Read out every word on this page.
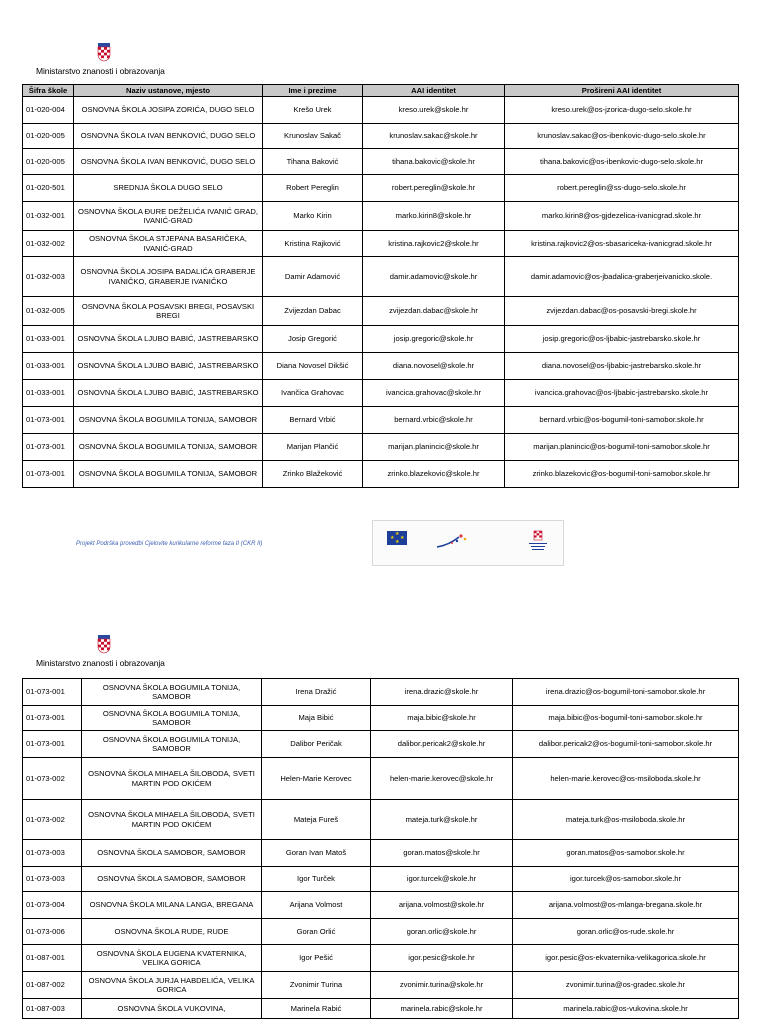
Ministarstvo znanosti i obrazovanja
Šifra škole	Naziv ustanove, mjesto	Ime i prezime	AAI identitet	Prošireni AAI identitet
01-020-004	OSNOVNA ŠKOLA JOSIPA ZORIĆA, DUGO SELO	Krešo Urek	kreso.urek@skole.hr	kreso.urek@os-jzorica-dugo-selo.skole.hr
01-020-005	OSNOVNA ŠKOLA IVAN BENKOVIĆ, DUGO SELO	Krunoslav Sakač	krunoslav.sakac@skole.hr	krunoslav.sakac@os-ibenkovic-dugo-selo.skole.hr
01-020-005	OSNOVNA ŠKOLA IVAN BENKOVIĆ, DUGO SELO	Tihana Baković	tihana.bakovic@skole.hr	tihana.bakovic@os-ibenkovic-dugo-selo.skole.hr
01-020-501	SREDNJA ŠKOLA DUGO SELO	Robert Pereglin	robert.pereglin@skole.hr	robert.pereglin@ss-dugo-selo.skole.hr
01-032-001	OSNOVNA ŠKOLA ĐURE DEŽELIĆA IVANIĆ GRAD, IVANIĆ-GRAD	Marko Kirin	marko.kirin8@skole.hr	marko.kirin8@os-gjdezelica-ivanicgrad.skole.hr
01-032-002	OSNOVNA ŠKOLA STJEPANA BASARIČEKA, IVANIĆ-GRAD	Kristina Rajković	kristina.rajkovic2@skole.hr	kristina.rajkovic2@os-sbasariceka-ivanicgrad.skole.hr
01-032-003	OSNOVNA ŠKOLA JOSIPA BADALIĆA GRABERJE IVANIČKO, GRABERJE IVANIČKO	Damir Adamović	damir.adamovic@skole.hr	damir.adamovic@os-jbadalica-graberjeivanicko.skole.
01-032-005	OSNOVNA ŠKOLA POSAVSKI BREGI, POSAVSKI BREGI	Zvijezdan Dabac	zvijezdan.dabac@skole.hr	zvijezdan.dabac@os-posavski-bregi.skole.hr
01-033-001	OSNOVNA ŠKOLA LJUBO BABIĆ, JASTREBARSKO	Josip Gregorić	josip.gregoric@skole.hr	josip.gregoric@os-ljbabic-jastrebarsko.skole.hr
01-033-001	OSNOVNA ŠKOLA LJUBO BABIĆ, JASTREBARSKO	Diana Novosel Dikšić	diana.novosel@skole.hr	diana.novosel@os-ljbabic-jastrebarsko.skole.hr
01-033-001	OSNOVNA ŠKOLA LJUBO BABIĆ, JASTREBARSKO	Ivančica Grahovac	ivancica.grahovac@skole.hr	ivancica.grahovac@os-ljbabic-jastrebarsko.skole.hr
01-073-001	OSNOVNA ŠKOLA BOGUMILA TONIJA, SAMOBOR	Bernard Vrbić	bernard.vrbic@skole.hr	bernard.vrbic@os-bogumil-toni-samobor.skole.hr
01-073-001	OSNOVNA ŠKOLA BOGUMILA TONIJA, SAMOBOR	Marijan Plančić	marijan.planincic@skole.hr	marijan.planincic@os-bogumil-toni-samobor.skole.hr
01-073-001	OSNOVNA ŠKOLA BOGUMILA TONIJA, SAMOBOR	Zrinko Blažeković	zrinko.blazekovic@skole.hr	zrinko.blazekovic@os-bogumil-toni-samobor.skole.hr
Projekt Podrška provedbi Cjelovite kurikularne reforme faza II (CKR II)
★
★ ★
★
Ministarstvo znanosti i obrazovanja
01-073-001	OSNOVNA ŠKOLA BOGUMILA TONIJA, SAMOBOR	Irena Dražić	irena.drazic@skole.hr	irena.drazic@os-bogumil-toni-samobor.skole.hr
01-073-001	OSNOVNA ŠKOLA BOGUMILA TONIJA, SAMOBOR	Maja Bibić	maja.bibic@skole.hr	maja.bibic@os-bogumil-toni-samobor.skole.hr
01-073-001	OSNOVNA ŠKOLA BOGUMILA TONIJA, SAMOBOR	Dalibor Peričak	dalibor.pericak2@skole.hr	dalibor.pericak2@os-bogumil-toni-samobor.skole.hr
01-073-002	OSNOVNA ŠKOLA MIHAELA ŠILOBODA, SVETI MARTIN POD OKIĆEM	Helen-Marie Kerovec	helen-marie.kerovec@skole.hr	helen-marie.kerovec@os-msiloboda.skole.hr
01-073-002	OSNOVNA ŠKOLA MIHAELA ŠILOBODA, SVETI MARTIN POD OKIĆEM	Mateja Fureš	mateja.turk@skole.hr	mateja.turk@os-msiloboda.skole.hr
01-073-003	OSNOVNA ŠKOLA SAMOBOR, SAMOBOR	Goran Ivan Matoš	goran.matos@skole.hr	goran.matos@os-samobor.skole.hr
01-073-003	OSNOVNA ŠKOLA SAMOBOR, SAMOBOR	Igor Turček	igor.turcek@skole.hr	igor.turcek@os-samobor.skole.hr
01-073-004	OSNOVNA ŠKOLA MILANA LANGA, BREGANA	Arijana Volmost	arijana.volmost@skole.hr	arijana.volmost@os-mlanga-bregana.skole.hr
01-073-006	OSNOVNA ŠKOLA RUDE, RUDE	Goran Orlić	goran.orlic@skole.hr	goran.orlic@os-rude.skole.hr
01-087-001	OSNOVNA ŠKOLA EUGENA KVATERNIKA, VELIKA GORICA	Igor Pešić	igor.pesic@skole.hr	igor.pesic@os-ekvaternika-velikagorica.skole.hr
01-087-002	OSNOVNA ŠKOLA JURJA HABDELIĆA, VELIKA GORICA	Zvonimir Turina	zvonimir.turina@skole.hr	zvonimir.turina@os-gradec.skole.hr
01-087-003	OSNOVNA ŠKOLA VUKOVINA,	Marinela Rabić	marinela.rabic@skole.hr	marinela.rabic@os-vukovina.skole.hr
